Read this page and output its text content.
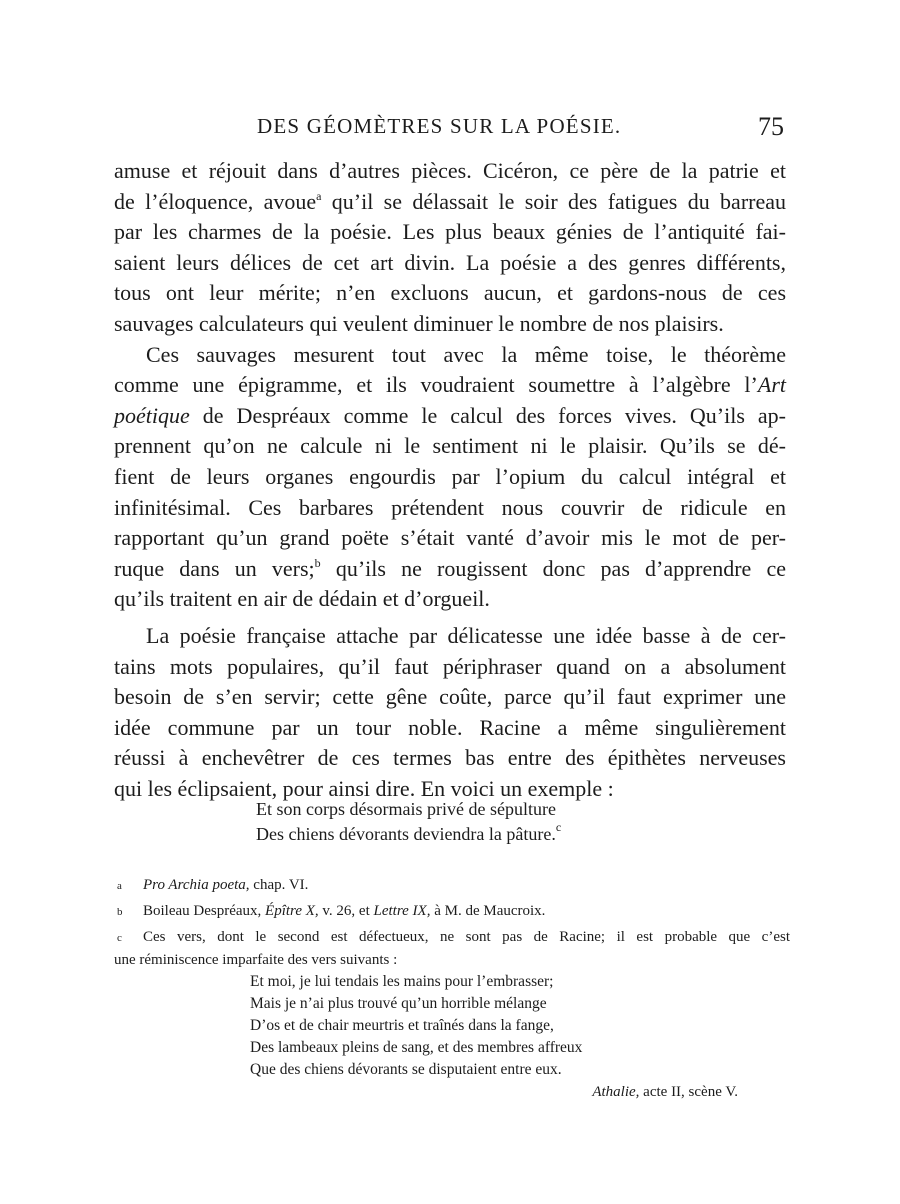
DES GÉOMÈTRES SUR LA POÉSIE.	75
amuse et réjouit dans d’autres pièces. Cicéron, ce père de la patrie et
de l’éloquence, avoue$^a$ qu’il se délassait le soir des fatigues du barreau
par les charmes de la poésie. Les plus beaux génies de l’antiquité fai-
saient leurs délices de cet art divin. La poésie a des genres différents,
tous ont leur mérite; n’en excluons aucun, et gardons-nous de ces
sauvages calculateurs qui veulent diminuer le nombre de nos plaisirs.
Ces sauvages mesurent tout avec la même toise, le théorème
comme une épigramme, et ils voudraient soumettre à l’algèbre l’Art
poétique de Despréaux comme le calcul des forces vives. Qu’ils ap-
prennent qu’on ne calcule ni le sentiment ni le plaisir. Qu’ils se dé-
fient de leurs organes engourdis par l’opium du calcul intégral et
infinitésimal. Ces barbares prétendent nous couvrir de ridicule en
rapportant qu’un grand poëte s’était vanté d’avoir mis le mot de per-
ruque dans un vers;$^b$ qu’ils ne rougissent donc pas d’apprendre ce
qu’ils traitent en air de dédain et d’orgueil.
La poésie française attache par délicatesse une idée basse à de cer-
tains mots populaires, qu’il faut périphraser quand on a absolument
besoin de s’en servir; cette gêne coûte, parce qu’il faut exprimer une
idée commune par un tour noble. Racine a même singulièrement
réussi à enchevêtrer de ces termes bas entre des épithètes nerveuses
qui les éclipsaient, pour ainsi dire. En voici un exemple :
Et son corps désormais privé de sépulture
Des chiens dévorants deviendra la pâture.$^c$
a Pro Archia poeta, chap. VI.
b Boileau Despréaux, Épître X, v. 26, et Lettre IX, à M. de Maucroix.
c Ces vers, dont le second est défectueux, ne sont pas de Racine; il est probable que c’est
une réminiscence imparfaite des vers suivants :
Et moi, je lui tendais les mains pour l’embrasser;
Mais je n’ai plus trouvé qu’un horrible mélange
D’os et de chair meurtris et traînés dans la fange,
Des lambeaux pleins de sang, et des membres affreux
Que des chiens dévorants se disputaient entre eux.
Athalie, acte II, scène V.
